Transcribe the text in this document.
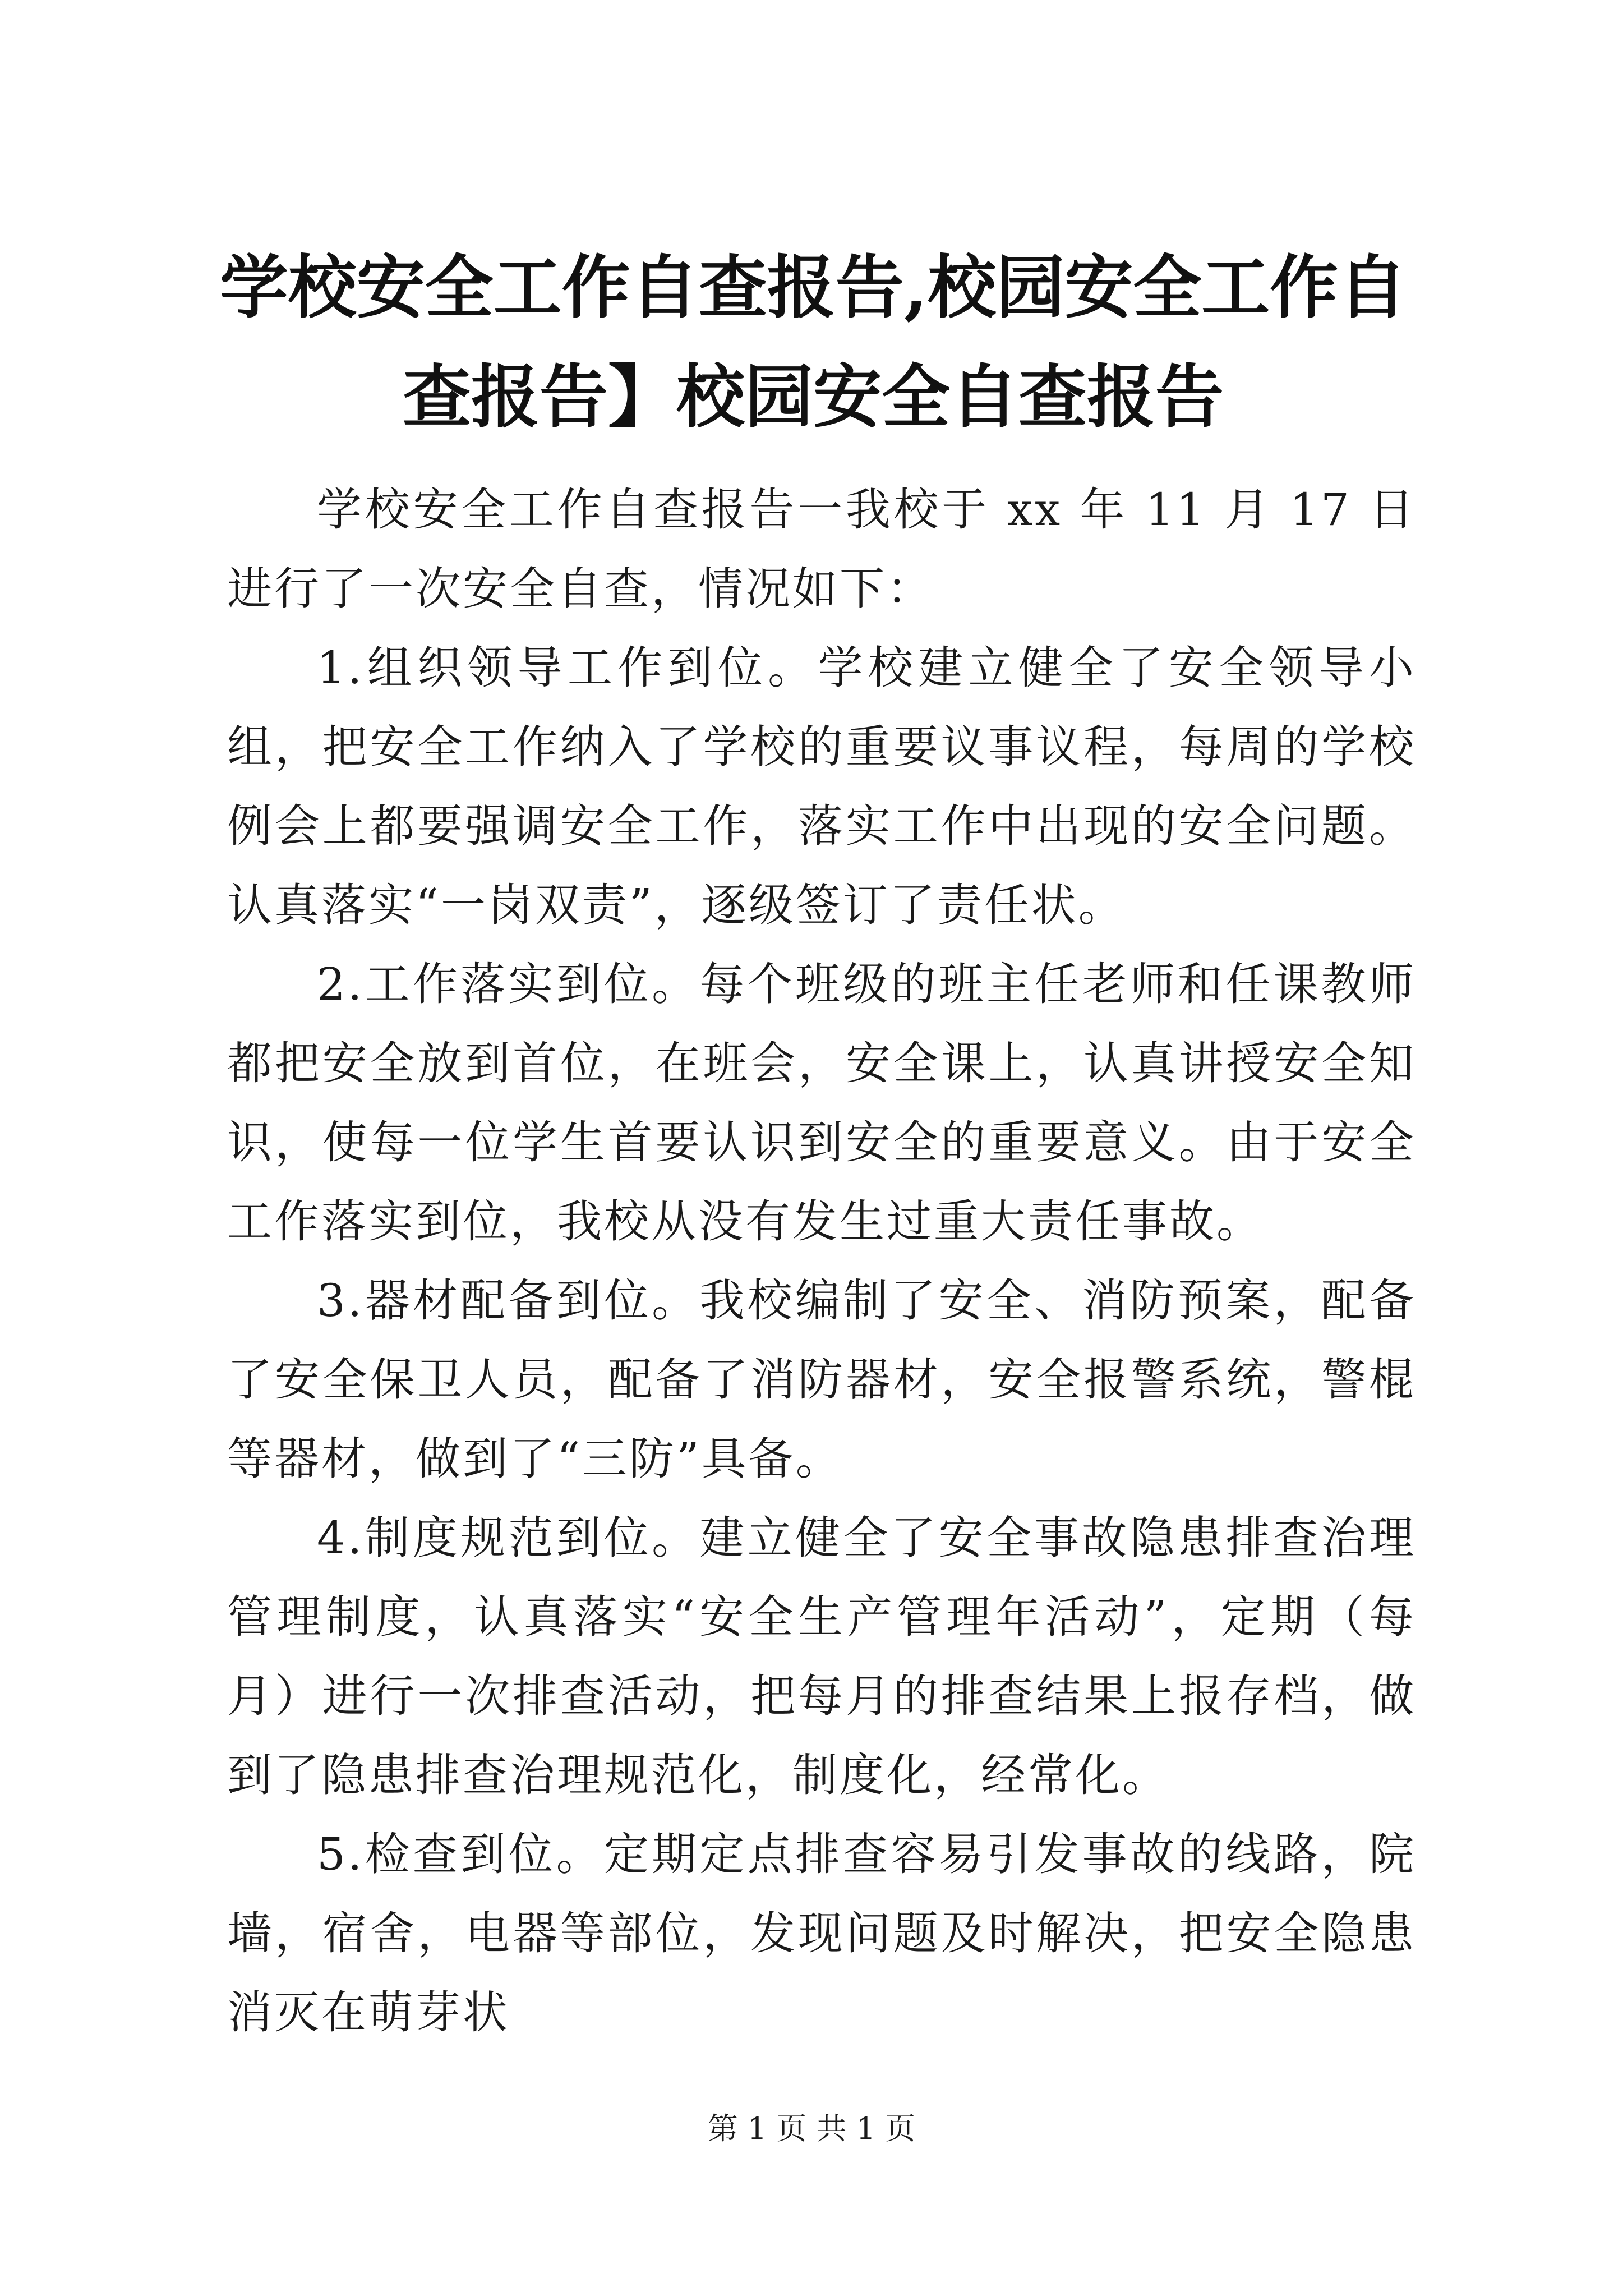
学校安全工作自查报告,校园安全工作自查报告】校园安全自查报告

学校安全工作自查报告一我校于 xx 年 11 月 17 日进行了一次安全自查，情况如下：

1.组织领导工作到位。学校建立健全了安全领导小组，把安全工作纳入了学校的重要议事议程，每周的学校例会上都要强调安全工作，落实工作中出现的安全问题。认真落实“一岗双责”，逐级签订了责任状。

2.工作落实到位。每个班级的班主任老师和任课教师都把安全放到首位，在班会，安全课上，认真讲授安全知识，使每一位学生首要认识到安全的重要意义。由于安全工作落实到位，我校从没有发生过重大责任事故。

3.器材配备到位。我校编制了安全、消防预案，配备了安全保卫人员，配备了消防器材，安全报警系统，警棍等器材，做到了“三防”具备。

4.制度规范到位。建立健全了安全事故隐患排查治理管理制度，认真落实“安全生产管理年活动”，定期（每月）进行一次排查活动，把每月的排查结果上报存档，做到了隐患排查治理规范化，制度化，经常化。

5.检查到位。定期定点排查容易引发事故的线路，院墙，宿舍，电器等部位，发现问题及时解决，把安全隐患消灭在萌芽状

第 1 页 共 1 页
